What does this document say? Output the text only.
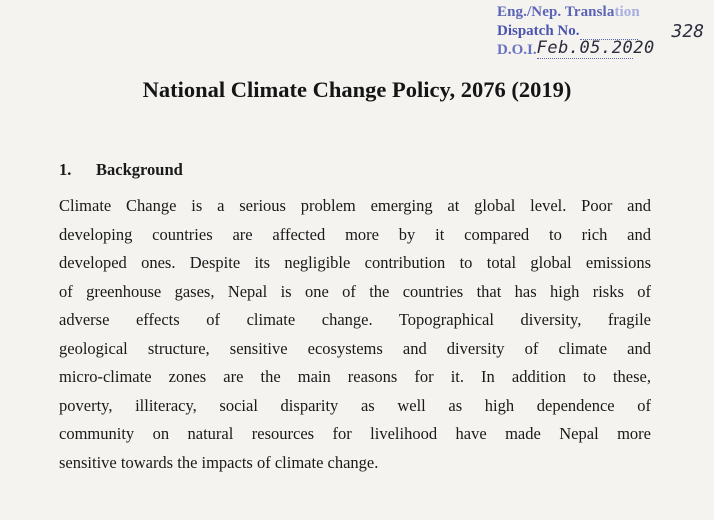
Eng./Nep. Translation
Dispatch No.	328
D.O.I. Feb.05.2020
National Climate Change Policy, 2076 (2019)
1. Background
Climate Change is a serious problem emerging at global level. Poor and
developing countries are affected more by it compared to rich and
developed ones. Despite its negligible contribution to total global emissions
of greenhouse gases, Nepal is one of the countries that has high risks of
adverse effects of climate change. Topographical diversity, fragile
geological structure, sensitive ecosystems and diversity of climate and
micro-climate zones are the main reasons for it. In addition to these,
poverty, illiteracy, social disparity as well as high dependence of
community on natural resources for livelihood have made Nepal more
sensitive towards the impacts of climate change.
